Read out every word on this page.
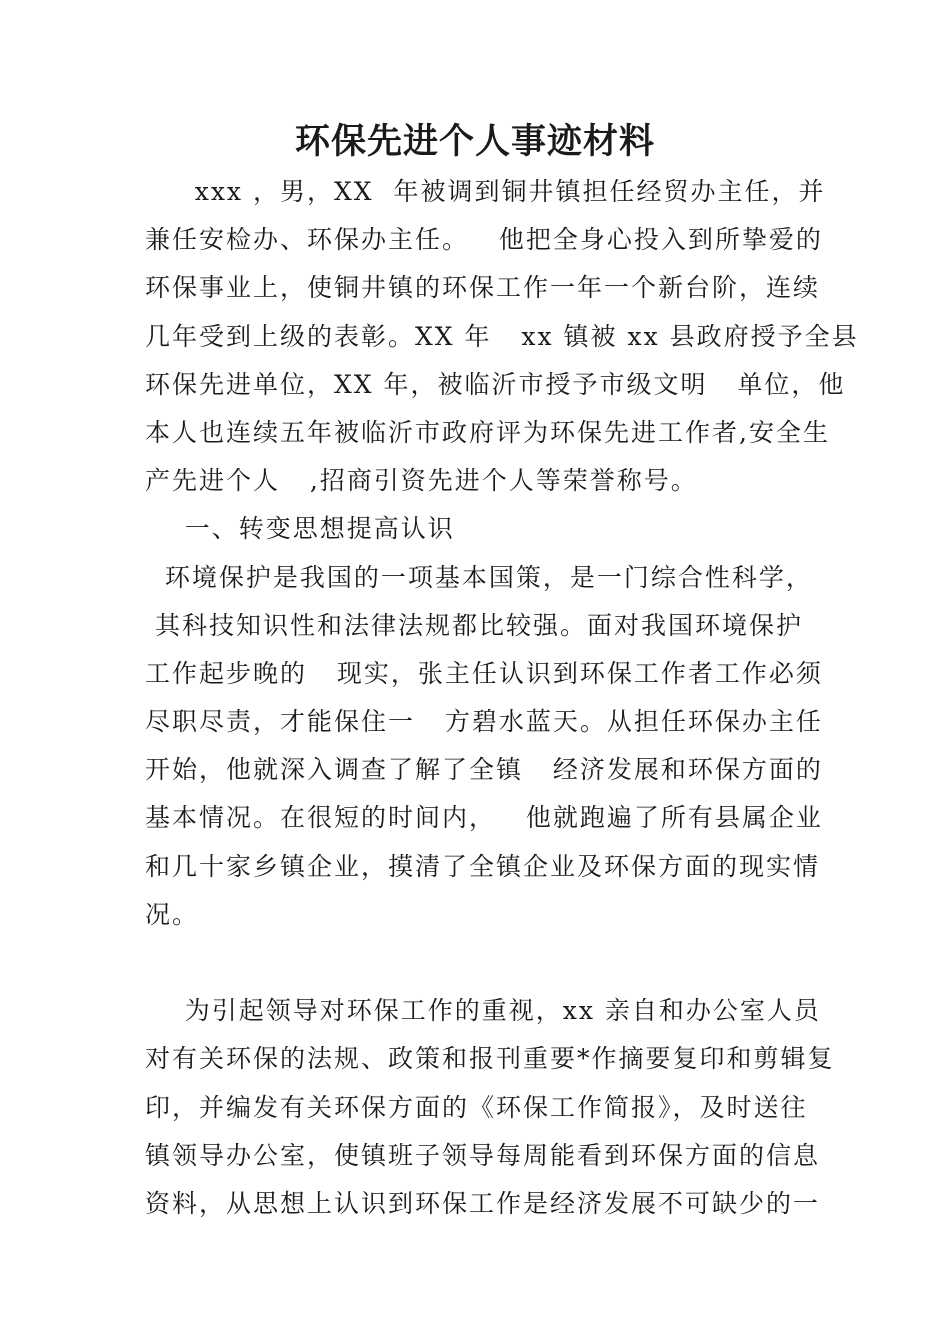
环保先进个人事迹材料
xxx ，男，XX  年被调到铜井镇担任经贸办主任，并
兼任安检办、环保办主任。   他把全身心投入到所挚爱的
环保事业上，使铜井镇的环保工作一年一个新台阶，连续
几年受到上级的表彰。XX 年   xx 镇被 xx 县政府授予全县
环保先进单位，XX 年，被临沂市授予市级文明   单位，他
本人也连续五年被临沂市政府评为环保先进工作者,安全生
产先进个人   ,招商引资先进个人等荣誉称号。
一、转变思想提高认识
环境保护是我国的一项基本国策，是一门综合性科学，
其科技知识性和法律法规都比较强。面对我国环境保护
工作起步晚的   现实，张主任认识到环保工作者工作必须
尽职尽责，才能保住一   方碧水蓝天。从担任环保办主任
开始，他就深入调查了解了全镇   经济发展和环保方面的
基本情况。在很短的时间内，   他就跑遍了所有县属企业
和几十家乡镇企业，摸清了全镇企业及环保方面的现实情
况。
为引起领导对环保工作的重视，xx 亲自和办公室人员
对有关环保的法规、政策和报刊重要*作摘要复印和剪辑复
印，并编发有关环保方面的《环保工作简报》，及时送往
镇领导办公室，使镇班子领导每周能看到环保方面的信息
资料，从思想上认识到环保工作是经济发展不可缺少的一
